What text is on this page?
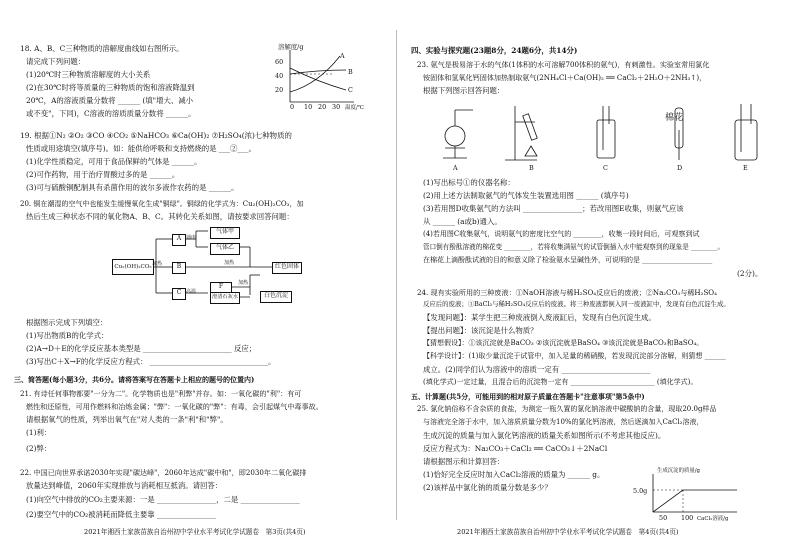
18. A、B、C三种物质的溶解度曲线如右图所示。
请完成下列问题：
(1)20℃时三种物质溶解度的大小关系
(2)在30℃时将等质量的三种物质的饱和溶液降温到
20℃，A的溶液质量分数将 ______ (填"增大、减小
或不变"，下同)，C溶液的溶质质量分数将 ______。
溶解度/g
60
40
20
0 10 20 30 温度/℃
A
B
C
19. 根据①N₂ ②O₂ ③CO ④CO₂ ⑤NaHCO₃ ⑥Ca(OH)₂ ⑦H₂SO₄(浓)七种物质的
性质或用途填空(填序号)。如：能供给呼吸和支持燃烧的是 ___②___。
(1)化学性质稳定，可用于食品保鲜的气体是 ______。
(2)可作药物，用于治疗胃酸过多的是 ______。
(3)可与硫酸铜配制具有杀菌作用的波尔多液作农药的是 ______。
20. 铜在潮湿的空气中也能发生缓慢氧化生成"铜绿"。铜绿的化学式为：Cu₂(OH)₂CO₃，加
热后生成三种状态不同的氧化物A、B、C。其转化关系如图，请按要求回答问题：
Cu₂(OH)₂CO₃ 加热
A
B
C
通电
气体甲
气体乙
加热	红色固体
高温
F
澄清石灰水	白色沉淀
加热
根据图示完成下列填空：
(1)写出物质B的化学式：
(2)A→D＋E的化学反应基本类型是 ________________________ 反应；
(3)写出C＋X→F的化学反应方程式： ________________________________。
三、简答题(每小题3分，共6分。请将答案写在答题卡上相应的题号的位置内)
21. 有诗任何事物都要"一分为二"。化学物质也是"利弊"并存。如：一氧化碳的"利"：有可
燃性和还原性，可用作燃料和冶炼金属；"弊"：一氧化碳的"弊"：有毒，会引起煤气中毒事故。
请根据氧气的性质，列举出氧气在"对人类的一条"利"和"弊"。
(1)利：
(2)弊：
22. 中国已向世界承诺2030年实现"碳达峰"，2060年达成"碳中和"，即2030年二氧化碳排
放量达到峰值，2060年实现排放与消耗相互抵消。请回答：
(1)向空气中排放的CO₂主要来源：一是 ________________，二是 ________________
(2)要空气中的CO₂被消耗而降低主要靠 ________________
2021年湘西土家族苗族自治州初中学业水平考试化学试题卷　第3页(共4页)
四、实验与探究题(23题8分，24题6分，共14分)
23. 氨气是极易溶于水的气体(1体积的水可溶解700体积的氨气)，有刺激性。实验室常用氯化
铵固体和氢氧化钙固体加热制取氨气(2NH₄Cl＋Ca(OH)₂ ══ CaCl₂＋2H₂O＋2NH₃↑)，
根据下列图示回答问题：
棉花
A	B	C	D	E
(1)写出标号①的仪器名称：
(2)用上述方法制取氨气的气体发生装置选用图 ______ (填序号)
(3)若用图D收集氨气的方法叫 ________________；若改用图E收集，则氨气应该
从 ______ (a或b)通入。
(4)若用图C收集氨气，说明氨气的密度比空气的 ________，收集一段时间后，可观察到试
管口倒有酚酞溶液的棉花变 ________，若将收集满氨气的试管倒插入水中能观察到的现象是 ________。
在棉花上滴酚酞试液的目的和意义除了检验氨水呈碱性外，可说明的是 ____________________
(2分)。
24. 现有实验所用的三种废液：①NaOH溶液与稀H₂SO₄反应后的废液；②Na₂CO₃与稀H₂SO₄
反应后的废液；③BaCl₂与稀H₂SO₄反应后的废液。将三种废液都倒入同一废液缸中，发现有白色沉淀生成。
【发现问题】：某学生把三种废液倒入废液缸后，发现有白色沉淀生成。
【提出问题】：该沉淀是什么物质？
【猜想假设】：①该沉淀就是BaCO₃ ②该沉淀就是BaSO₄ ③该沉淀就是BaCO₃和BaSO₄。
【科学设计】：(1)取少量沉淀于试管中，加入足量的稀硝酸，若发现沉淀部分溶解，则猜想 ______
成立。(2)同学们认为溶液中的溶质一定有 ________________________
(填化学式)一定过量，且混合后的沉淀物一定有 ________________________ (填化学式)。
五、计算题(共5分，可能用到的相对原子质量在答题卡"注意事项"第5条中)
25. 氯化钠俗称不含杂质的食盐，为测定一瓶久置的氯化钠溶液中碳酸钠的含量，现取20.0g样品
与溶液完全溶于水中，加入溶质质量分数为10%的氯化钙溶液，然后逐滴加入CaCl₂溶液，
生成沉淀的质量与加入氯化钙溶液的质量关系如图所示(不考虑其他反应)。
反应方程式为：Na₂CO₃＋CaCl₂ ══ CaCO₃↓＋2NaCl
请根据图示和计算回答：
(1)恰好完全反应时加入CaCl₂溶液的质量为 ______ g。
(2)该样品中氯化钠的质量分数是多少？
生成沉淀的质量/g
5.0g
50 100 CaCl₂溶液/g
2021年湘西土家族苗族自治州初中学业水平考试化学试题卷　第4页(共4页)
